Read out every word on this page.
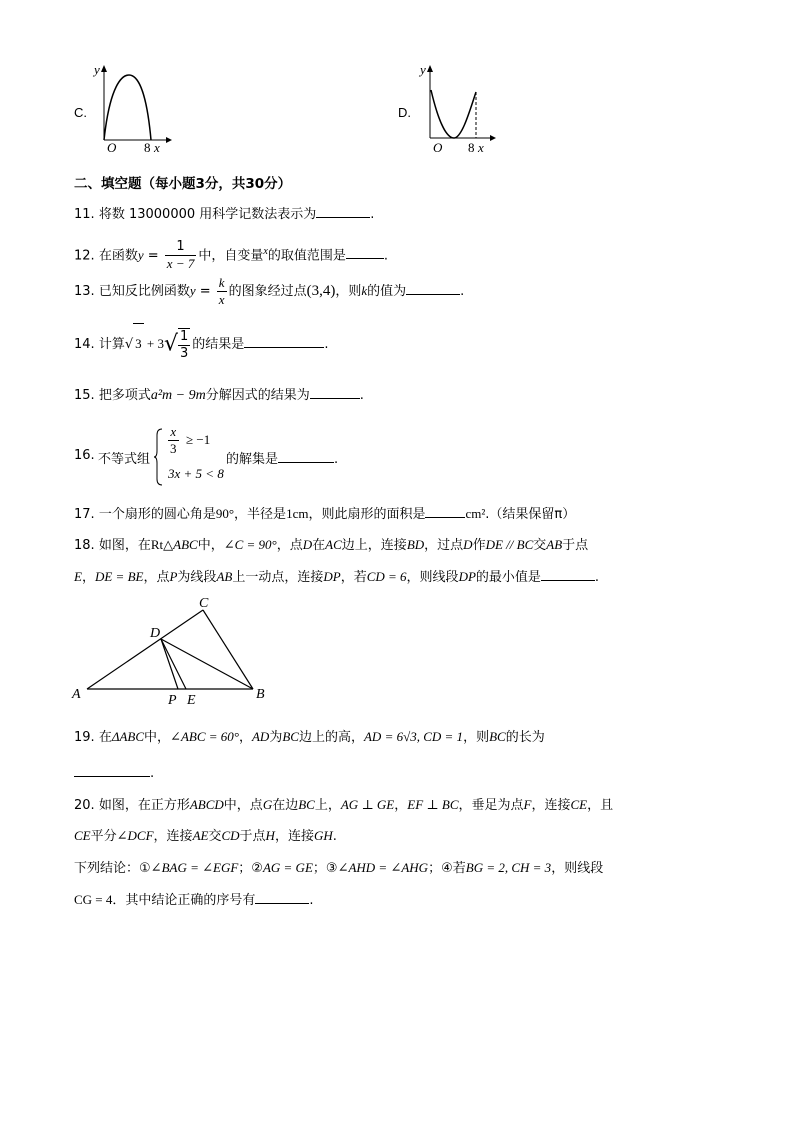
C.
y
O 8 x
D.
y
O 8 x
二、填空题（每小题3分，共30分）
11. 将数 13000000 用科学记数法表示为	.
12. 在函数$y = \frac{1}{x - 7}$ 中，自变量$^x$的取值范围是	.
13. 已知反比例函数$y = \frac{k}{x}$ 的图象经过点(3,4)，则k的值为	.
14. 计算√ $3 + 3√ \frac{1}{3}$ 的结果是	.
15. 把多项式a²m − 9m分解因式的结果为	.
16. 不等式组
$\frac{x}{3} \ge -1$
3x + 5 < 8
的解集是	.
17. 一个扇形的圆心角是90°，半径是1cm，则此扇形的面积是	cm².（结果保留π）
18. 如图，在Rt△ABC中，∠C = 90°，点D在AC边上，连接BD，过点D作DE // BC交AB于点
E，DE = BE，点P为线段AB上一动点，连接DP，若CD = 6，则线段DP的最小值是	.
C
D
A	B
P E
19. 在ΔABC中，∠ABC = 60°，AD为BC边上的高，AD = 6√3, CD = 1，则BC的长为
.
20. 如图，在正方形ABCD中，点G在边BC上，AG ⊥ GE，EF ⊥ BC，垂足为点F，连接CE，且
CE平分∠DCF，连接AE交CD于点H，连接GH.
下列结论：①∠BAG = ∠EGF；②AG = GE；③∠AHD = ∠AHG；④若BG = 2, CH = 3，则线段
CG = 4．其中结论正确的序号有	.
